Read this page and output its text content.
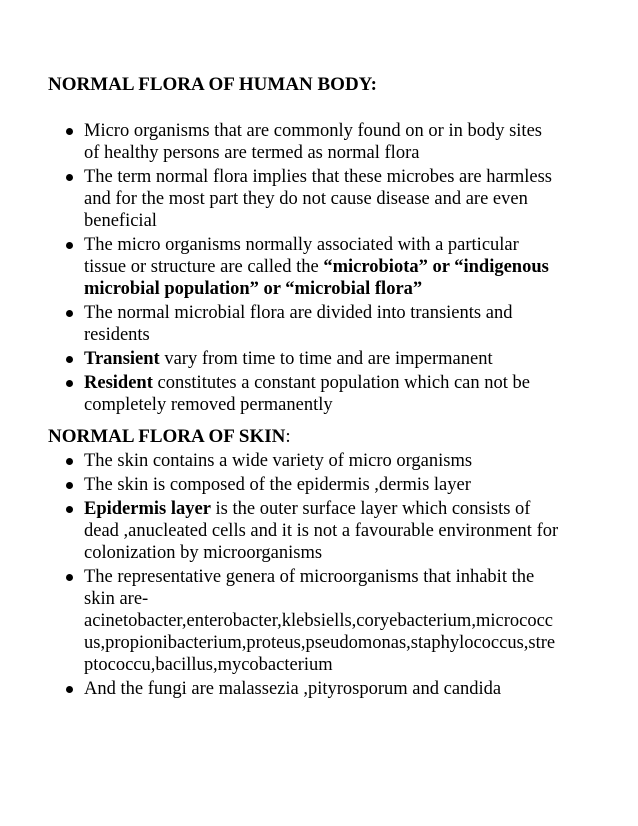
NORMAL FLORA OF HUMAN BODY:
Micro organisms that are commonly found on or in body sites of healthy persons are termed as normal flora
The term normal flora implies that these microbes are harmless and for the most part they do not cause disease and are even beneficial
The micro organisms normally associated with a particular tissue or structure are called the “microbiota” or “indigenous microbial population” or “microbial flora”
The normal microbial flora are divided into transients and residents
Transient vary from time to time and are impermanent
Resident constitutes a constant population which can not be completely removed permanently
NORMAL FLORA OF SKIN:
The skin contains a wide variety of micro organisms
The skin is composed of the epidermis ,dermis layer
Epidermis layer is the outer surface layer which consists of dead ,anucleated cells and it is not a favourable environment for colonization by microorganisms
The representative genera of microorganisms that inhabit the skin are-
acinetobacter,enterobacter,klebsiells,coryebacterium,micrococcus,propionibacterium,proteus,pseudomonas,staphylococcus,streptococcu,bacillus,mycobacterium
And the fungi are malassezia ,pityrosporum and candida
